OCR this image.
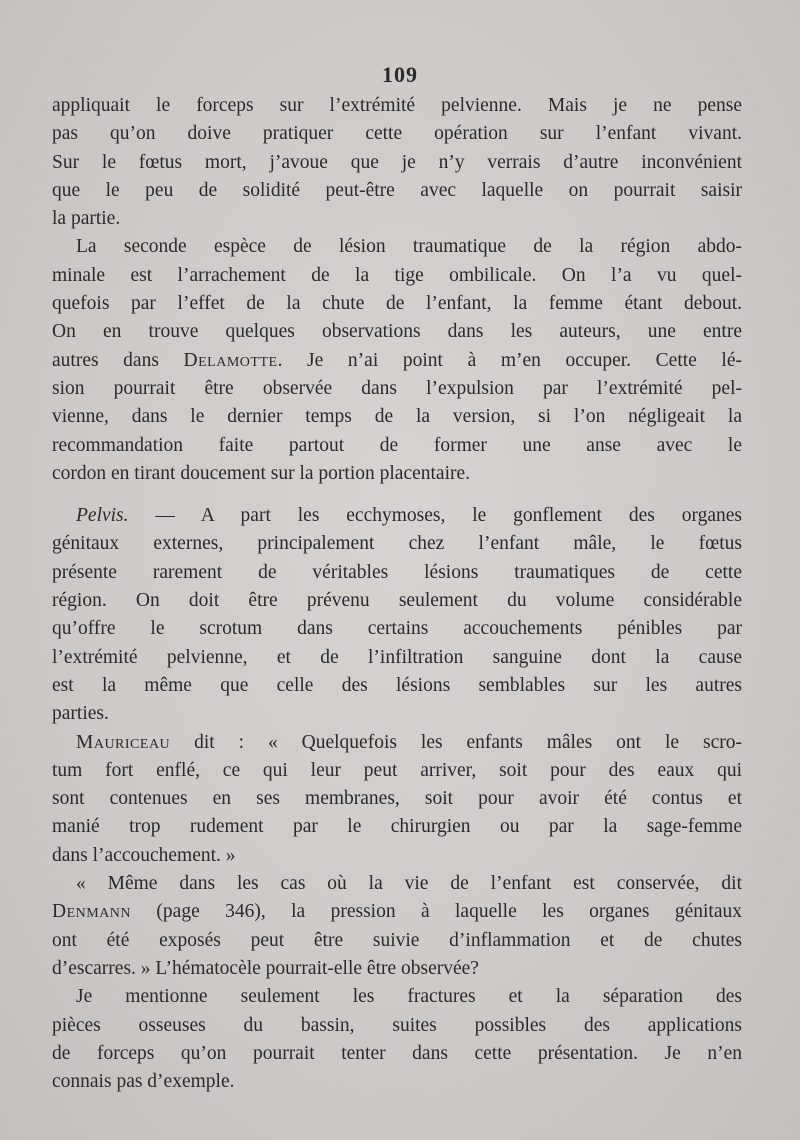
109
appliquait le forceps sur l’extrémité pelvienne. Mais je ne pense
pas qu’on doive pratiquer cette opération sur l’enfant vivant.
Sur le fœtus mort, j’avoue que je n’y verrais d’autre inconvénient
que le peu de solidité peut-être avec laquelle on pourrait saisir
la partie.
La seconde espèce de lésion traumatique de la région abdo-
minale est l’arrachement de la tige ombilicale. On l’a vu quel-
quefois par l’effet de la chute de l’enfant, la femme étant debout.
On en trouve quelques observations dans les auteurs, une entre
autres dans Delamotte. Je n’ai point à m’en occuper. Cette lé-
sion pourrait être observée dans l’expulsion par l’extrémité pel-
vienne, dans le dernier temps de la version, si l’on négligeait la
recommandation faite partout de former une anse avec le
cordon en tirant doucement sur la portion placentaire.
Pelvis. — A part les ecchymoses, le gonflement des organes
génitaux externes, principalement chez l’enfant mâle, le fœtus
présente rarement de véritables lésions traumatiques de cette
région. On doit être prévenu seulement du volume considérable
qu’offre le scrotum dans certains accouchements pénibles par
l’extrémité pelvienne, et de l’infiltration sanguine dont la cause
est la même que celle des lésions semblables sur les autres
parties.
Mauriceau dit : « Quelquefois les enfants mâles ont le scro-
tum fort enflé, ce qui leur peut arriver, soit pour des eaux qui
sont contenues en ses membranes, soit pour avoir été contus et
manié trop rudement par le chirurgien ou par la sage-femme
dans l’accouchement. »
« Même dans les cas où la vie de l’enfant est conservée, dit
Denmann (page 346), la pression à laquelle les organes génitaux
ont été exposés peut être suivie d’inflammation et de chutes
d’escarres. » L’hématocèle pourrait-elle être observée?
Je mentionne seulement les fractures et la séparation des
pièces osseuses du bassin, suites possibles des applications
de forceps qu’on pourrait tenter dans cette présentation. Je n’en
connais pas d’exemple.
